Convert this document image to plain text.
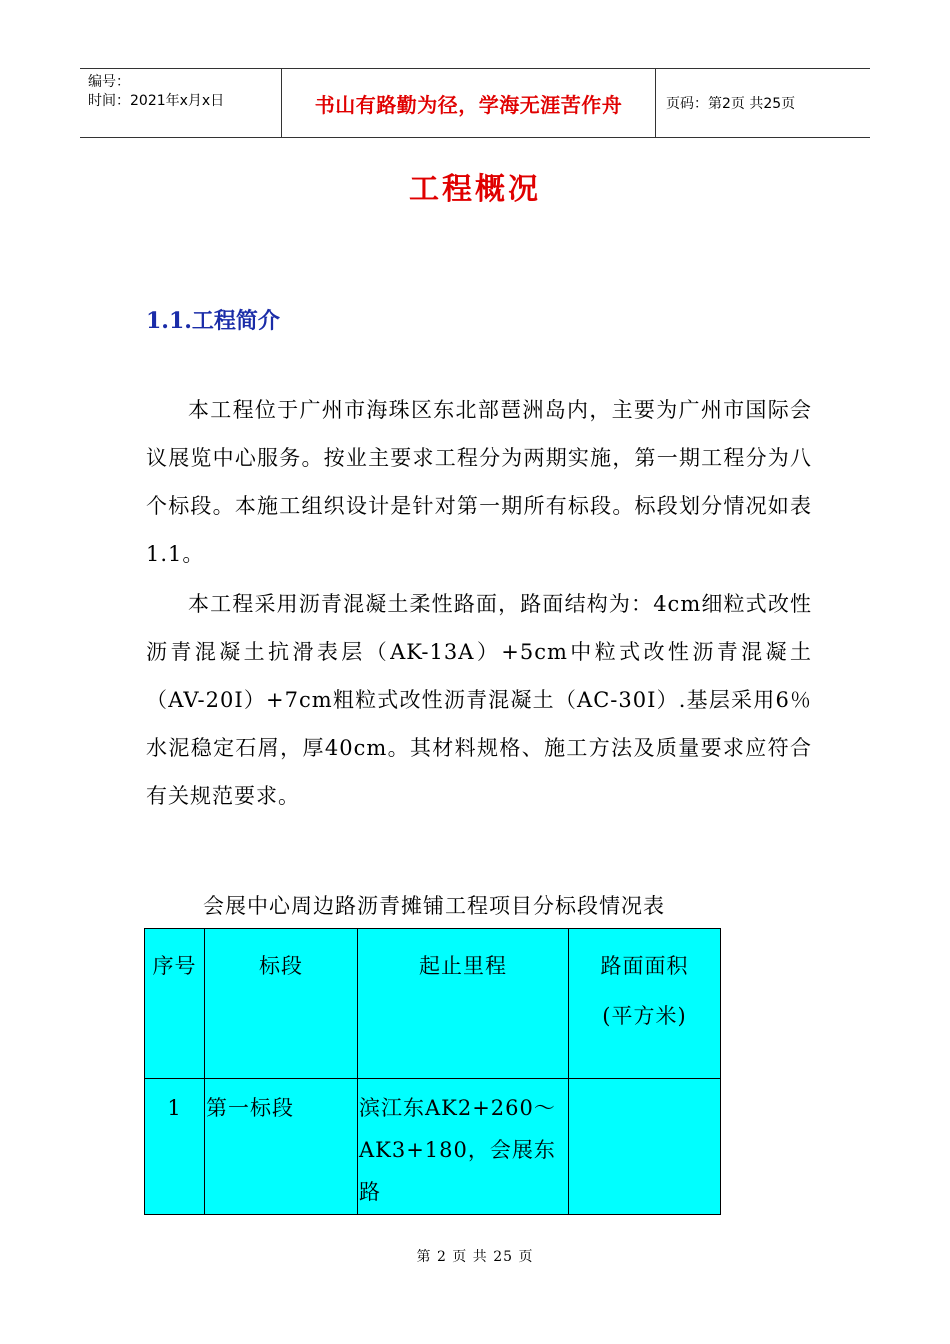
编号：
时间：2021年x月x日	书山有路勤为径，学海无涯苦作舟	页码：第2页 共25页
工程概况
1.1.工程简介

本工程位于广州市海珠区东北部琶洲岛内，主要为广州市国际会议展览中心服务。按业主要求工程分为两期实施，第一期工程分为八个标段。本施工组织设计是针对第一期所有标段。标段划分情况如表1.1。

本工程采用沥青混凝土柔性路面，路面结构为：4cm细粒式改性沥青混凝土抗滑表层（AK-13A）+5cm中粒式改性沥青混凝土（AV-20I）+7cm粗粒式改性沥青混凝土（AC-30I）.基层采用6％水泥稳定石屑，厚40cm。其材料规格、施工方法及质量要求应符合有关规范要求。

会展中心周边路沥青摊铺工程项目分标段情况表
序号	标段	起止里程	路面面积
(平方米)

1	第一标段	滨江东AK2+260～AK3+180，会展东路	
第 2 页 共 25 页
